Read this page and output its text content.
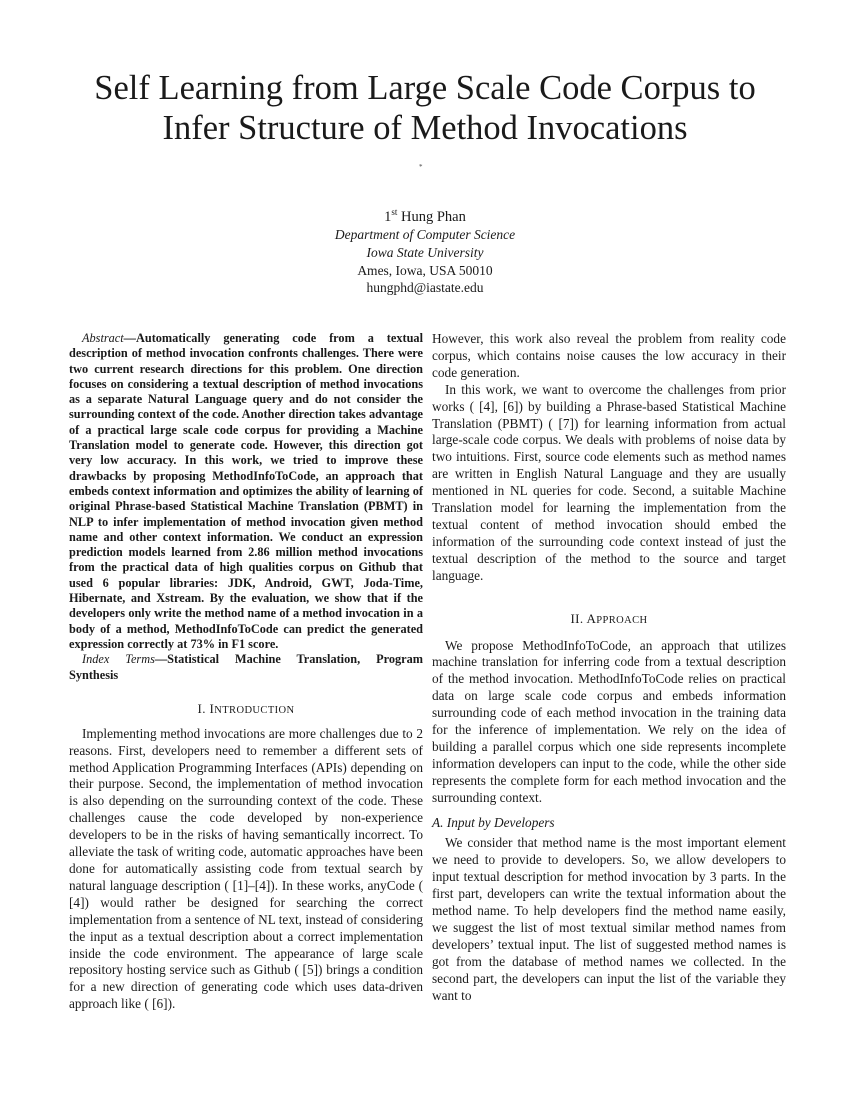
Self Learning from Large Scale Code Corpus to
Infer Structure of Method Invocations
*
1st Hung Phan
Department of Computer Science
Iowa State University
Ames, Iowa, USA 50010
hungphd@iastate.edu

Abstract—Automatically generating code from a textual description of method invocation confronts challenges. There were two current research directions for this problem. One direction focuses on considering a textual description of method invocations as a separate Natural Language query and do not consider the surrounding context of the code. Another direction takes advantage of a practical large scale code corpus for providing a Machine Translation model to generate code. However, this direction got very low accuracy. In this work, we tried to improve these drawbacks by proposing MethodInfoToCode, an approach that embeds context information and optimizes the ability of learning of original Phrase-based Statistical Machine Translation (PBMT) in NLP to infer implementation of method invocation given method name and other context information. We conduct an expression prediction models learned from 2.86 million method invocations from the practical data of high qualities corpus on Github that used 6 popular libraries: JDK, Android, GWT, Joda-Time, Hibernate, and Xstream. By the evaluation, we show that if the developers only write the method name of a method invocation in a body of a method, MethodInfoToCode can predict the generated expression correctly at 73% in F1 score.

Index Terms—Statistical Machine Translation, Program Synthesis

I. INTRODUCTION

Implementing method invocations are more challenges due to 2 reasons. First, developers need to remember a different sets of method Application Programming Interfaces (APIs) depending on their purpose. Second, the implementation of method invocation is also depending on the surrounding context of the code. These challenges cause the code developed by non-experience developers to be in the risks of having semantically incorrect. To alleviate the task of writing code, automatic approaches have been done for automatically assisting code from textual search by natural language description ( [1]–[4]). In these works, anyCode ( [4]) would rather be designed for searching the correct implementation from a sentence of NL text, instead of considering the input as a textual description about a correct implementation inside the code environment. The appearance of large scale repository hosting service such as Github ( [5]) brings a condition for a new direction of generating code which uses data-driven approach like ( [6]).

However, this work also reveal the problem from reality code corpus, which contains noise causes the low accuracy in their code generation.

In this work, we want to overcome the challenges from prior works ( [4], [6]) by building a Phrase-based Statistical Machine Translation (PBMT) ( [7]) for learning information from actual large-scale code corpus. We deals with problems of noise data by two intuitions. First, source code elements such as method names are written in English Natural Language and they are usually mentioned in NL queries for code. Second, a suitable Machine Translation model for learning the implementation from the textual content of method invocation should embed the information of the surrounding code context instead of just the textual description of the method to the source and target language.

II. APPROACH

We propose MethodInfoToCode, an approach that utilizes machine translation for inferring code from a textual description of the method invocation. MethodInfoToCode relies on practical data on large scale code corpus and embeds information surrounding code of each method invocation in the training data for the inference of implementation. We rely on the idea of building a parallel corpus which one side represents incomplete information developers can input to the code, while the other side represents the complete form for each method invocation and the surrounding context.

A. Input by Developers

We consider that method name is the most important element we need to provide to developers. So, we allow developers to input textual description for method invocation by 3 parts. In the first part, developers can write the textual information about the method name. To help developers find the method name easily, we suggest the list of most textual similar method names from developers’ textual input. The list of suggested method names is got from the database of method names we collected. In the second part, the developers can input the list of the variable they want to
